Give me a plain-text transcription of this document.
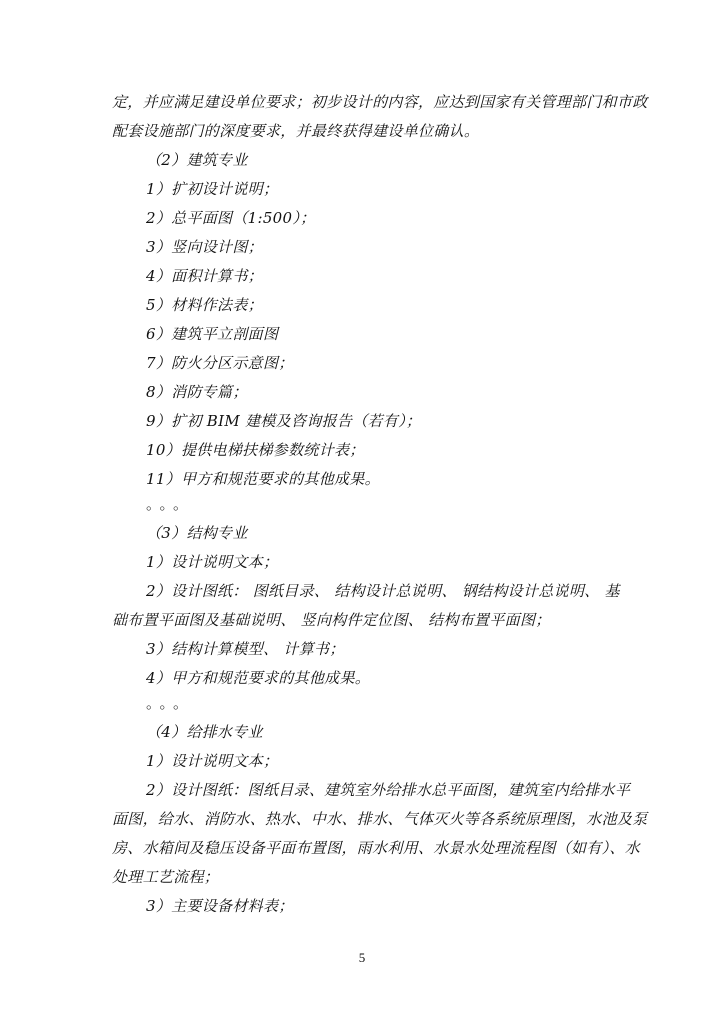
定，并应满足建设单位要求；初步设计的内容，应达到国家有关管理部门和市政
配套设施部门的深度要求，并最终获得建设单位确认。
（2）建筑专业
1）扩初设计说明；
2）总平面图（1:500）；
3）竖向设计图；
4）面积计算书；
5）材料作法表；
6）建筑平立剖面图
7）防火分区示意图；
8）消防专篇；
9）扩初 BIM 建模及咨询报告（若有）；
10）提供电梯扶梯参数统计表；
11）甲方和规范要求的其他成果。
。。。
（3）结构专业
1）设计说明文本；
2）设计图纸： 图纸目录、 结构设计总说明、 钢结构设计总说明、 基
础布置平面图及基础说明、 竖向构件定位图、 结构布置平面图；
3）结构计算模型、 计算书；
4）甲方和规范要求的其他成果。
。。。
（4）给排水专业
1）设计说明文本；
2）设计图纸：图纸目录、建筑室外给排水总平面图，建筑室内给排水平
面图，给水、消防水、热水、中水、排水、气体灭火等各系统原理图，水池及泵
房、水箱间及稳压设备平面布置图，雨水利用、水景水处理流程图（如有）、水
处理工艺流程；
3）主要设备材料表；
5
